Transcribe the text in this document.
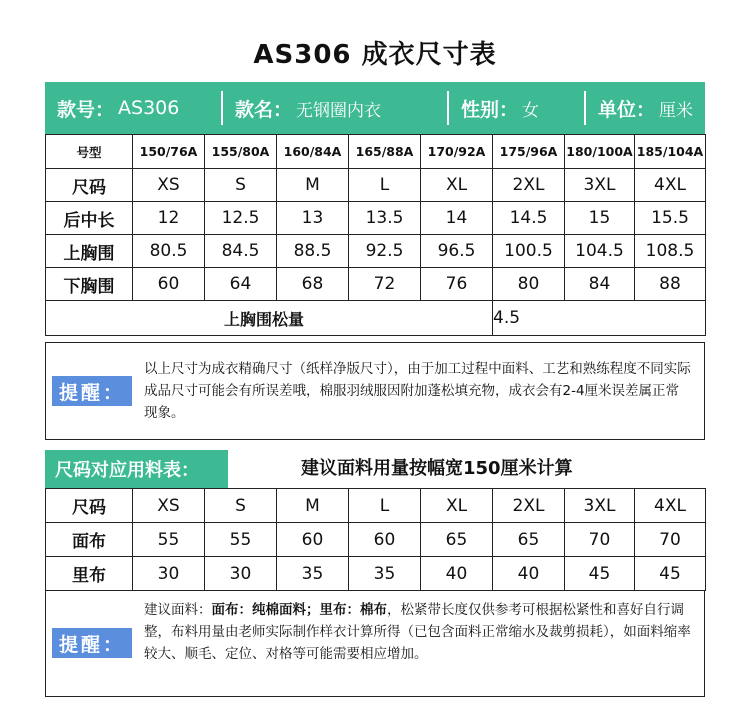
AS306 成衣尺寸表
款号： AS306	款名： 无钢圈内衣	性别： 女	单位： 厘米
号型	150/76A	155/80A	160/84A	165/88A	170/92A	175/96A	180/100A	185/104A
尺码	XS	S	M	L	XL	2XL	3XL	4XL
后中长	12	12.5	13	13.5	14	14.5	15	15.5
上胸围	80.5	84.5	88.5	92.5	96.5	100.5	104.5	108.5
下胸围	60	64	68	72	76	80	84	88
上胸围松量						4.5		
提醒：
以上尺寸为成衣精确尺寸（纸样净版尺寸），由于加工过程中面料、工艺和熟练程度不同实际成品尺寸可能会有所误差哦，棉服羽绒服因附加蓬松填充物，成衣会有2-4厘米误差属正常现象。
尺码对应用料表：	建议面料用量按幅宽150厘米计算
尺码	XS	S	M	L	XL	2XL	3XL	4XL
面布	55	55	60	60	65	65	70	70
里布	30	30	35	35	40	40	45	45
提醒：
建议面料：面布：纯棉面料；里布：棉布，松紧带长度仅供参考可根据松紧性和喜好自行调整，布料用量由老师实际制作样衣计算所得（已包含面料正常缩水及裁剪损耗），如面料缩率较大、顺毛、定位、对格等可能需要相应增加。
